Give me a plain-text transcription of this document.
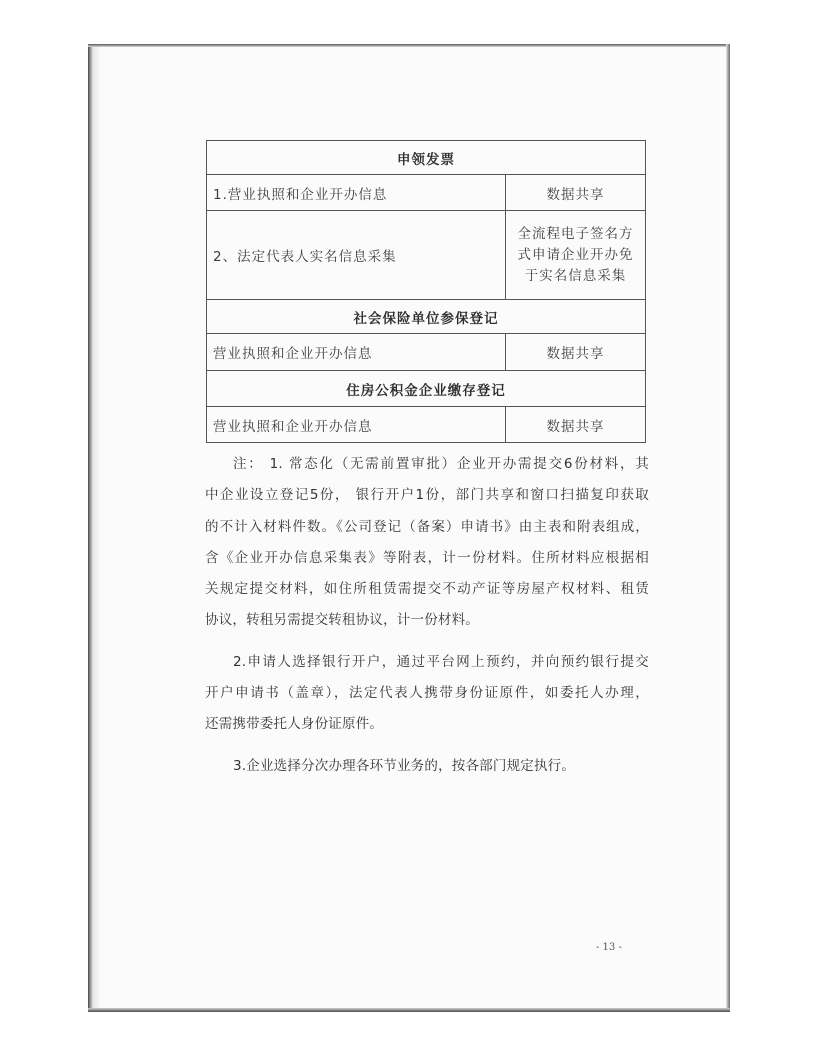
申领发票	
1.营业执照和企业开办信息	数据共享
2、法定代表人实名信息采集	全流程电子签名方
式申请企业开办免
于实名信息采集

社会保险单位参保登记	
营业执照和企业开办信息	数据共享
住房公积金企业缴存登记	
营业执照和企业开办信息	数据共享

注： 1. 常态化（无需前置审批）企业开办需提交6份材料，其

中企业设立登记5份， 银行开户1份，部门共享和窗口扫描复印获取

的不计入材料件数。《公司登记（备案）申请书》由主表和附表组成，

含《企业开办信息采集表》等附表，计一份材料。住所材料应根据相

关规定提交材料，如住所租赁需提交不动产证等房屋产权材料、租赁

协议，转租另需提交转租协议，计一份材料。

2.申请人选择银行开户，通过平台网上预约，并向预约银行提交

开户申请书（盖章），法定代表人携带身份证原件，如委托人办理，

还需携带委托人身份证原件。

3.企业选择分次办理各环节业务的，按各部门规定执行。

- 13 -
